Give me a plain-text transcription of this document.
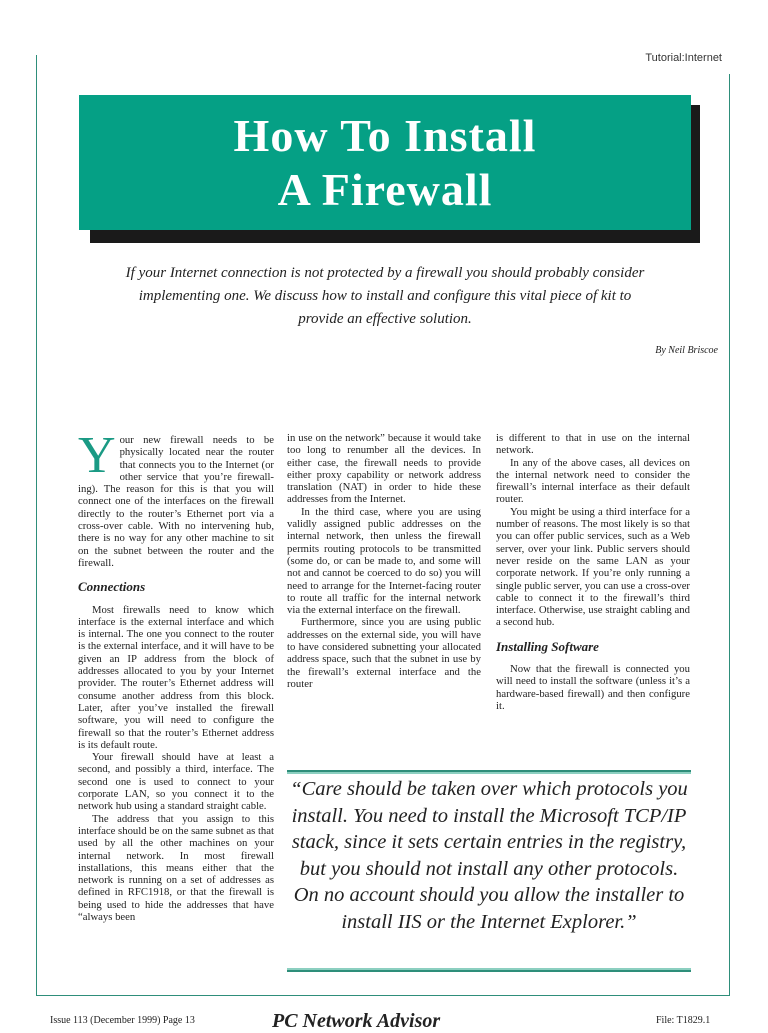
Tutorial:Internet
How To Install
A Firewall
If your Internet connection is not protected by a firewall you should probably consider implementing one. We discuss how to install and configure this vital piece of kit to provide an effective solution.
By Neil Briscoe

Your new firewall needs to be physically located near the router that connects you to the Internet (or other service that you’re firewall-ing). The reason for this is that you will connect one of the interfaces on the firewall directly to the router’s Ethernet port via a cross-over cable. With no intervening hub, there is no way for any other machine to sit on the subnet between the router and the firewall.

Connections

Most firewalls need to know which interface is the external interface and which is internal. The one you connect to the router is the external interface, and it will have to be given an IP address from the block of addresses allocated to you by your Internet provider. The router’s Ethernet address will consume another address from this block. Later, after you’ve installed the firewall software, you will need to configure the firewall so that the router’s Ethernet address is its default route.

Your firewall should have at least a second, and possibly a third, interface. The second one is used to connect to your corporate LAN, so you connect it to the network hub using a standard straight cable.

The address that you assign to this interface should be on the same subnet as that used by all the other machines on your internal network. In most firewall installations, this means either that the network is running on a set of addresses as defined in RFC1918, or that the firewall is being used to hide the addresses that have “always been

in use on the network” because it would take too long to renumber all the devices. In either case, the firewall needs to provide either proxy capability or network address translation (NAT) in order to hide these addresses from the Internet.

In the third case, where you are using validly assigned public addresses on the internal network, then unless the firewall permits routing protocols to be transmitted (some do, or can be made to, and some will not and cannot be coerced to do so) you will need to arrange for the Internet-facing router to route all traffic for the internal network via the external interface on the firewall.

Furthermore, since you are using public addresses on the external side, you will have to have considered subnetting your allocated address space, such that the subnet in use by the firewall’s external interface and the router

is different to that in use on the internal network.

In any of the above cases, all devices on the internal network need to consider the firewall’s internal interface as their default router.

You might be using a third interface for a number of reasons. The most likely is so that you can offer public services, such as a Web server, over your link. Public servers should never reside on the same LAN as your corporate network. If you’re only running a single public server, you can use a cross-over cable to connect it to the firewall’s third interface. Otherwise, use straight cabling and a second hub.

Installing Software

Now that the firewall is connected you will need to install the software (unless it’s a hardware-based firewall) and then configure it.

“Care should be taken over which protocols you install. You need to install the Microsoft TCP/IP stack, since it sets certain entries in the registry, but you should not install any other protocols. On no account should you allow the installer to install IIS or the Internet Explorer.”
Issue 113 (December 1999) Page 13	PC Network Advisor	File: T1829.1
